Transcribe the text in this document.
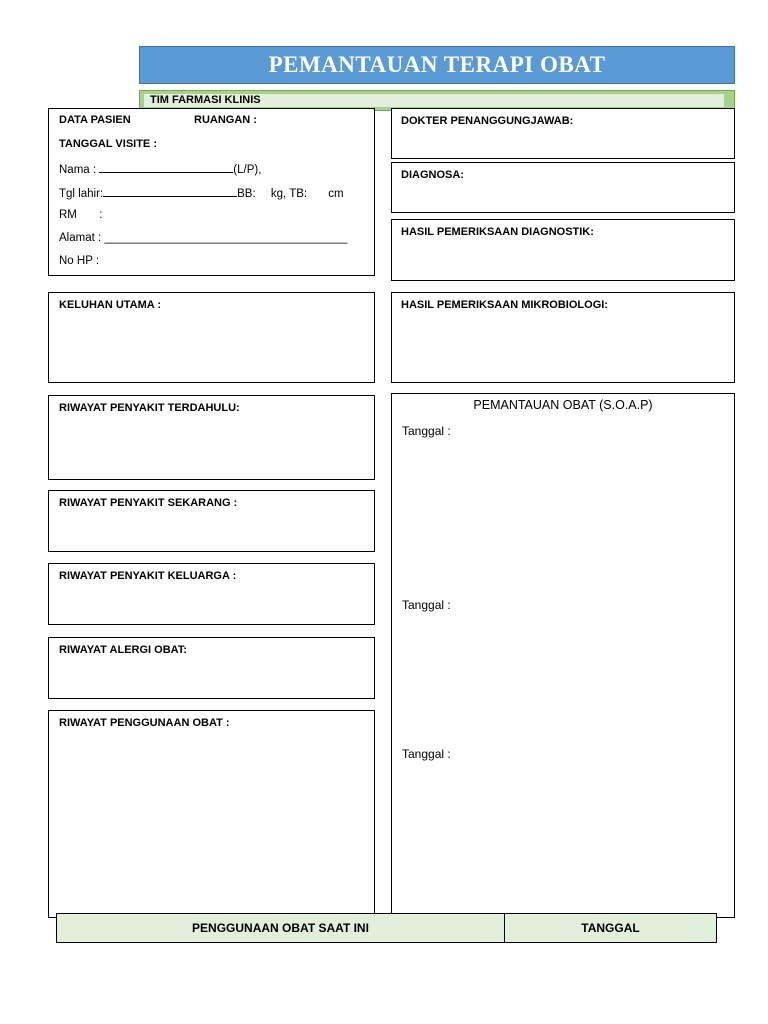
PEMANTAUAN TERAPI OBAT
TIM FARMASI KLINIS
DATA PASIEN	RUANGAN :
TANGGAL VISITE :
Nama :	(L/P),
Tgl lahir:	BB: kg, TB: cm
RM       :
Alamat : ______________________________________
No HP :
DOKTER PENANGGUNGJAWAB:
DIAGNOSA:
HASIL PEMERIKSAAN DIAGNOSTIK:
HASIL PEMERIKSAAN MIKROBIOLOGI:
KELUHAN UTAMA :
RIWAYAT PENYAKIT TERDAHULU:
RIWAYAT PENYAKIT SEKARANG :
RIWAYAT PENYAKIT KELUARGA :
RIWAYAT ALERGI OBAT:
RIWAYAT PENGGUNAAN OBAT :
PEMANTAUAN OBAT (S.O.A.P)
Tanggal :
Tanggal :
Tanggal :
PENGGUNAAN OBAT SAAT INI	TANGGAL
